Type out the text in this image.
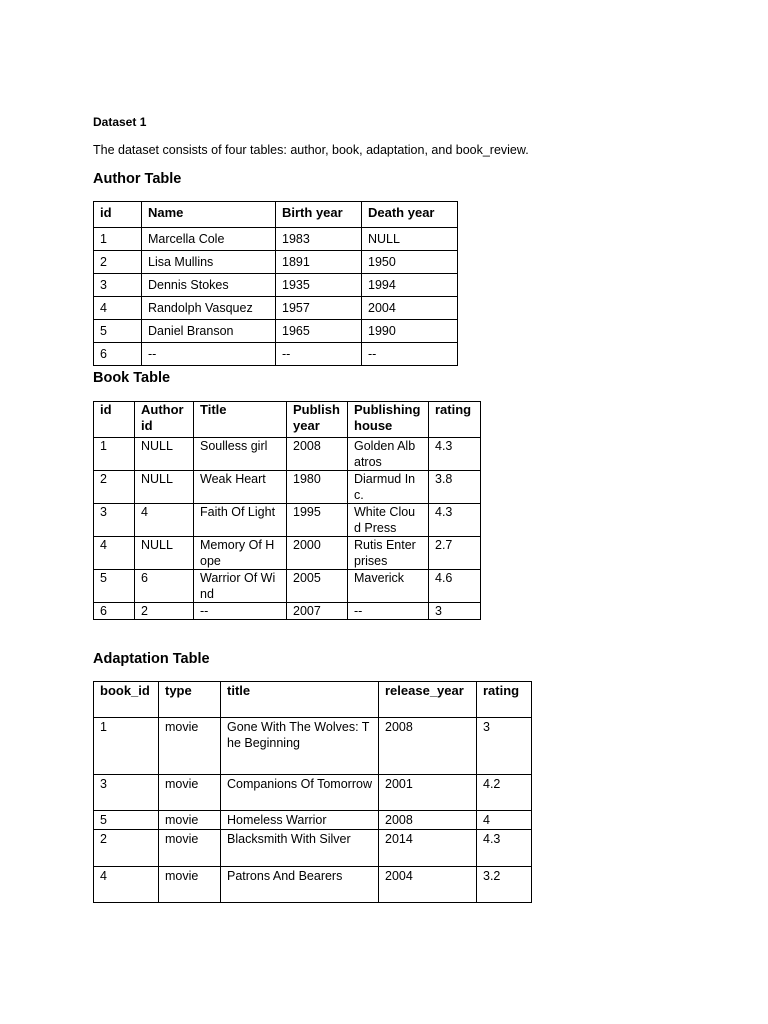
Dataset 1
The dataset consists of four tables: author, book, adaptation, and book_review.
Author Table
id	Name	Birth year	Death year
1	Marcella Cole	1983	NULL
2	Lisa Mullins	1891	1950
3	Dennis Stokes	1935	1994
4	Randolph Vasquez	1957	2004
5	Daniel Branson	1965	1990
6	--	--	--
Book Table
id	Author id	Title	Publish year	Publishing house	rating
1	NULL	Soulless girl	2008	Golden Albatros	4.3
2	NULL	Weak Heart	1980	Diarmud Inc.	3.8
3	4	Faith Of Light	1995	White Cloud Press	4.3
4	NULL	Memory Of Hope	2000	Rutis Enterprises	2.7
5	6	Warrior Of Wind	2005	Maverick	4.6
6	2	--	2007	--	3
Adaptation Table
book_id	type	title	release_year	rating
1	movie	Gone With The Wolves: The Beginning	2008	3
3	movie	Companions Of Tomorrow	2001	4.2
5	movie	Homeless Warrior	2008	4
2	movie	Blacksmith With Silver	2014	4.3
4	movie	Patrons And Bearers	2004	3.2
